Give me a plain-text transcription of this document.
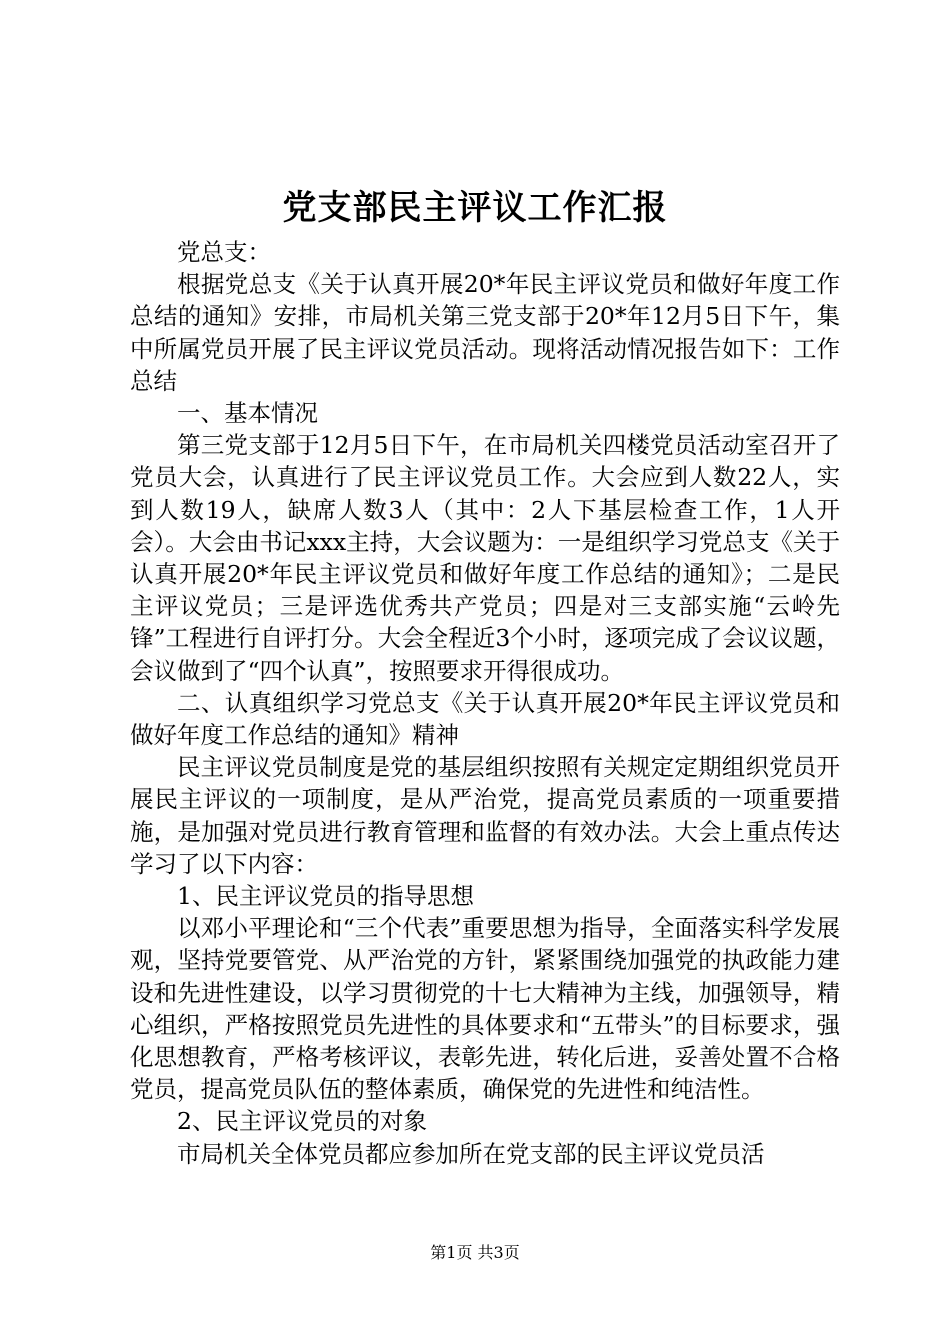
党支部民主评议工作汇报

党总支：

根据党总支《关于认真开展20*年民主评议党员和做好年度工作总结的通知》安排，市局机关第三党支部于20*年12月5日下午，集中所属党员开展了民主评议党员活动。现将活动情况报告如下：工作总结

一、基本情况

第三党支部于12月5日下午，在市局机关四楼党员活动室召开了党员大会，认真进行了民主评议党员工作。大会应到人数22人，实到人数19人，缺席人数3人（其中：2人下基层检查工作，1人开会）。大会由书记xxx主持，大会议题为：一是组织学习党总支《关于认真开展20*年民主评议党员和做好年度工作总结的通知》；二是民主评议党员；三是评选优秀共产党员；四是对三支部实施“云岭先锋”工程进行自评打分。大会全程近3个小时，逐项完成了会议议题，会议做到了“四个认真”，按照要求开得很成功。

二、认真组织学习党总支《关于认真开展20*年民主评议党员和做好年度工作总结的通知》精神

民主评议党员制度是党的基层组织按照有关规定定期组织党员开展民主评议的一项制度，是从严治党，提高党员素质的一项重要措施，是加强对党员进行教育管理和监督的有效办法。大会上重点传达学习了以下内容：

1、民主评议党员的指导思想

以邓小平理论和“三个代表”重要思想为指导，全面落实科学发展观，坚持党要管党、从严治党的方针，紧紧围绕加强党的执政能力建设和先进性建设，以学习贯彻党的十七大精神为主线，加强领导，精心组织，严格按照党员先进性的具体要求和“五带头”的目标要求，强化思想教育，严格考核评议，表彰先进，转化后进，妥善处置不合格党员，提高党员队伍的整体素质，确保党的先进性和纯洁性。

2、民主评议党员的对象

市局机关全体党员都应参加所在党支部的民主评议党员活

第1页 共3页
